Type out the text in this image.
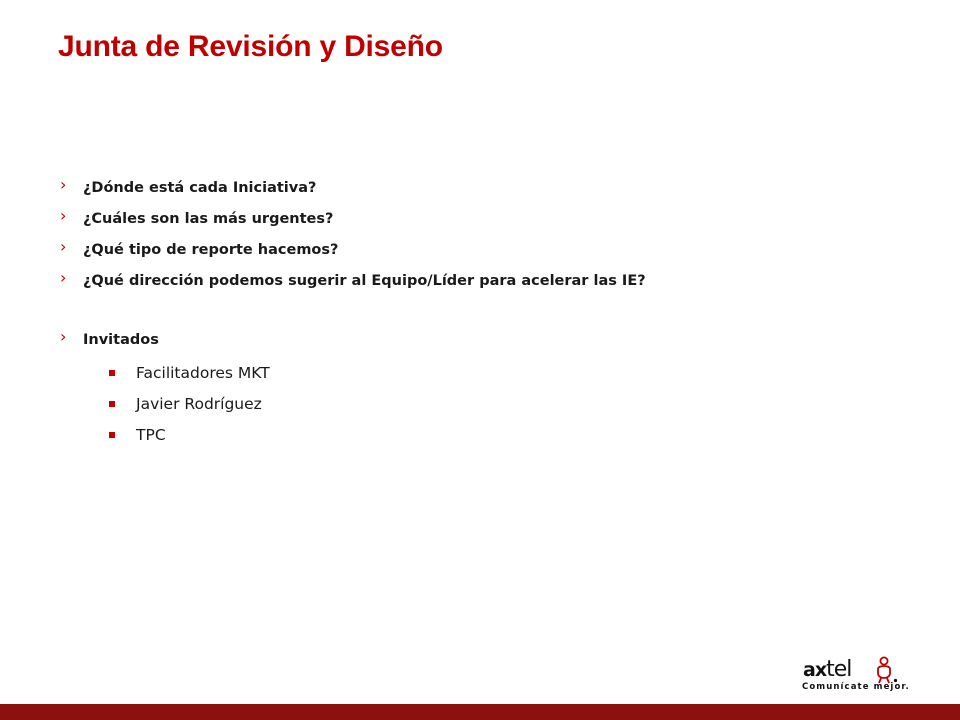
Junta de Revisión y Diseño
› ¿Dónde está cada Iniciativa?
› ¿Cuáles son las más urgentes?
› ¿Qué tipo de reporte hacemos?
› ¿Qué dirección podemos sugerir al Equipo/Líder para acelerar las IE?
› Invitados
Facilitadores MKT
Javier Rodríguez
TPC
axtel
Comunícate mejor.
